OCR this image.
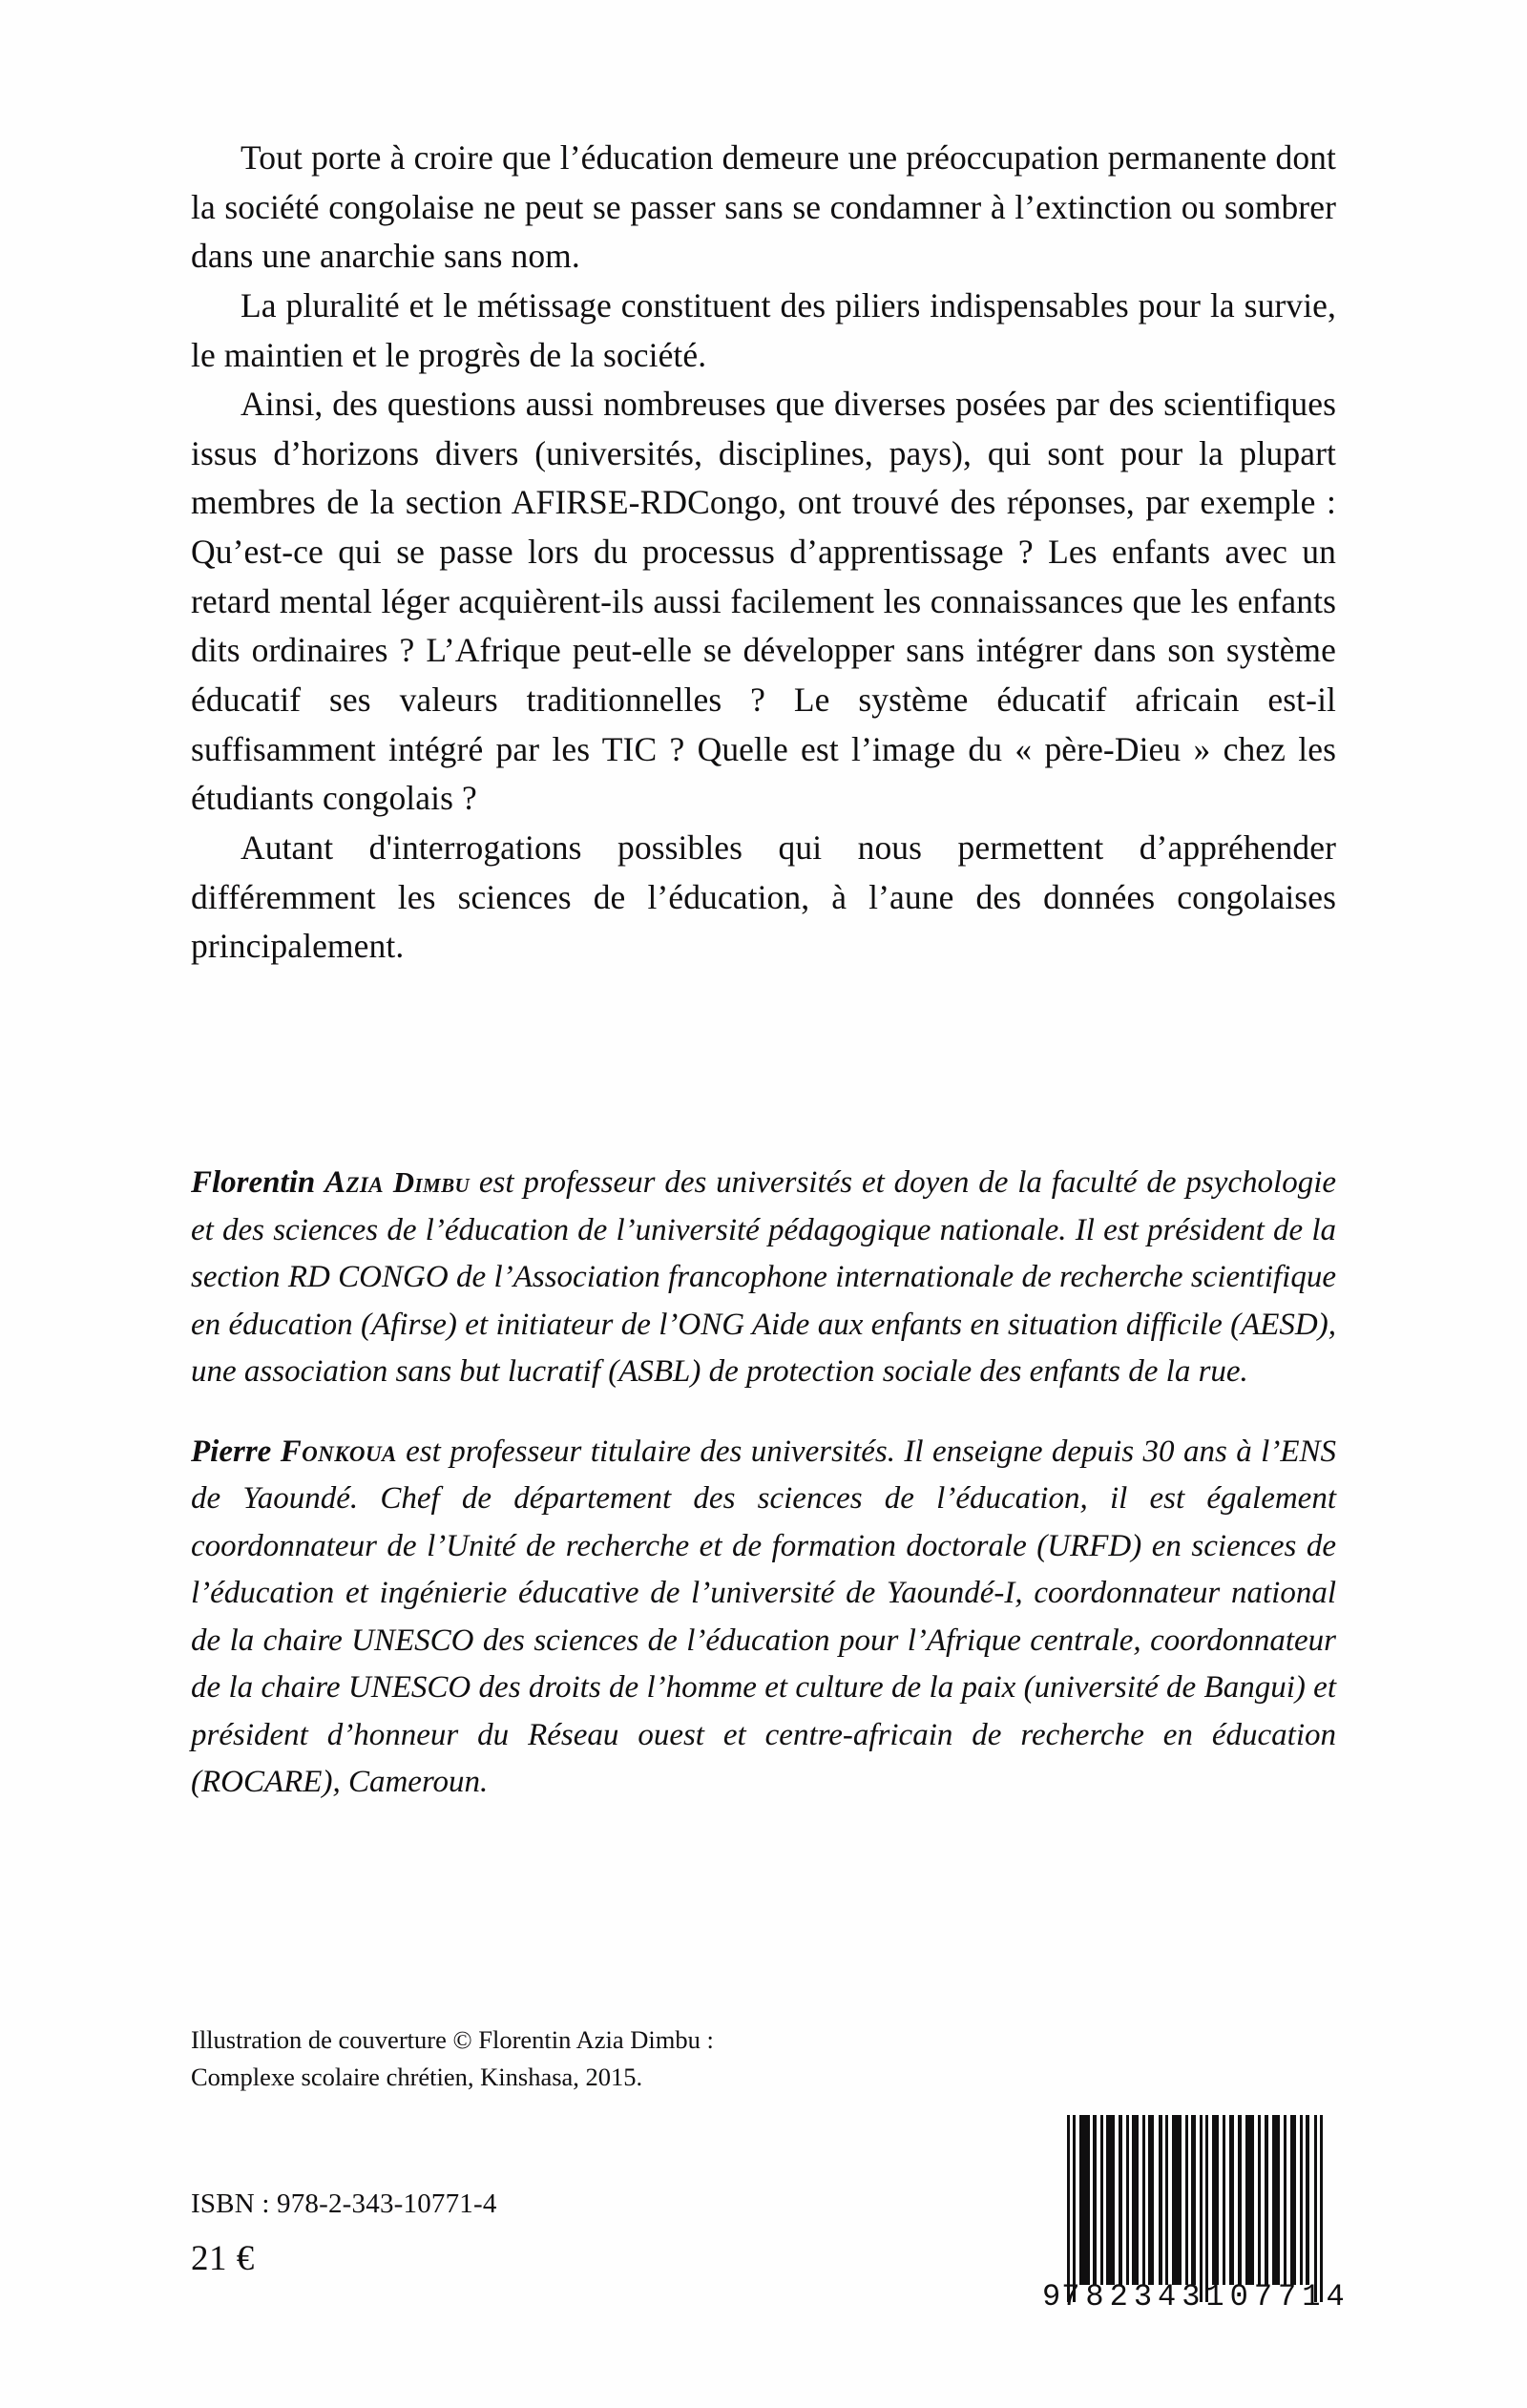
Tout porte à croire que l’éducation demeure une préoccupation permanente dont la société congolaise ne peut se passer sans se condamner à l’extinction ou sombrer dans une anarchie sans nom.

La pluralité et le métissage constituent des piliers indispensables pour la survie, le maintien et le progrès de la société.

Ainsi, des questions aussi nombreuses que diverses posées par des scientifiques issus d’horizons divers (universités, disciplines, pays), qui sont pour la plupart membres de la section AFIRSE-RDCongo, ont trouvé des réponses, par exemple : Qu’est-ce qui se passe lors du processus d’apprentissage ? Les enfants avec un retard mental léger acquièrent-ils aussi facilement les connaissances que les enfants dits ordinaires ? L’Afrique peut-elle se développer sans intégrer dans son système éducatif ses valeurs traditionnelles ? Le système éducatif africain est-il suffisamment intégré par les TIC ? Quelle est l’image du « père-Dieu » chez les étudiants congolais ?

Autant d'interrogations possibles qui nous permettent d’appréhender différemment les sciences de l’éducation, à l’aune des données congolaises principalement.

Florentin Azia Dimbu est professeur des universités et doyen de la faculté de psychologie et des sciences de l’éducation de l’université pédagogique nationale. Il est président de la section RD CONGO de l’Association francophone internationale de recherche scientifique en éducation (Afirse) et initiateur de l’ONG Aide aux enfants en situation difficile (AESD), une association sans but lucratif (ASBL) de protection sociale des enfants de la rue.

Pierre Fonkoua est professeur titulaire des universités. Il enseigne depuis 30 ans à l’ENS de Yaoundé. Chef de département des sciences de l’éducation, il est également coordonnateur de l’Unité de recherche et de formation doctorale (URFD) en sciences de l’éducation et ingénierie éducative de l’université de Yaoundé-I, coordonnateur national de la chaire UNESCO des sciences de l’éducation pour l’Afrique centrale, coordonnateur de la chaire UNESCO des droits de l’homme et culture de la paix (université de Bangui) et président d’honneur du Réseau ouest et centre-africain de recherche en éducation (ROCARE), Cameroun.

Illustration de couverture © Florentin Azia Dimbu :
Complexe scolaire chrétien, Kinshasa, 2015.
ISBN : 978-2-343-10771-4
21 €
9 782343 107714
